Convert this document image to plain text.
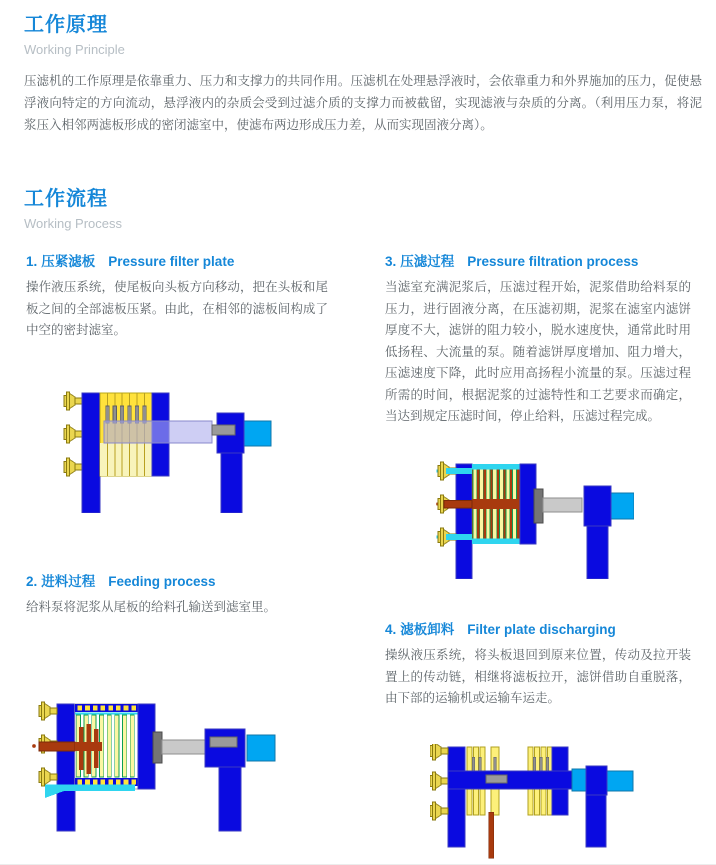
工作原理
Working Principle

压滤机的工作原理是依靠重力、压力和支撑力的共同作用。压滤机在处理悬浮液时，会依靠重力和外界施加的压力，促使悬浮液向特定的方向流动，悬浮液内的杂质会受到过滤介质的支撑力而被截留，实现滤液与杂质的分离。（利用压力泵，将泥浆压入相邻两滤板形成的密闭滤室中，使滤布两边形成压力差，从而实现固液分离）。

工作流程
Working Process
1. 压紧滤板 Pressure filter plate

操作液压系统，使尾板向头板方向移动，把在头板和尾板之间的全部滤板压紧。由此，在相邻的滤板间构成了中空的密封滤室。

3. 压滤过程 Pressure filtration process

当滤室充满泥浆后，压滤过程开始，泥浆借助给料泵的压力，进行固液分离，在压滤初期，泥浆在滤室内滤饼厚度不大，滤饼的阻力较小，脱水速度快，通常此时用低扬程、大流量的泵。随着滤饼厚度增加、阻力增大，压滤速度下降，此时应用高扬程小流量的泵。压滤过程所需的时间，根据泥浆的过滤特性和工艺要求而确定，当达到规定压滤时间，停止给料，压滤过程完成。

2. 进料过程 Feeding process

给料泵将泥浆从尾板的给料孔输送到滤室里。

4. 滤板卸料 Filter plate discharging

操纵液压系统，将头板退回到原来位置，传动及拉开装置上的传动链，相继将滤板拉开，滤饼借助自重脱落，由下部的运输机或运输车运走。
